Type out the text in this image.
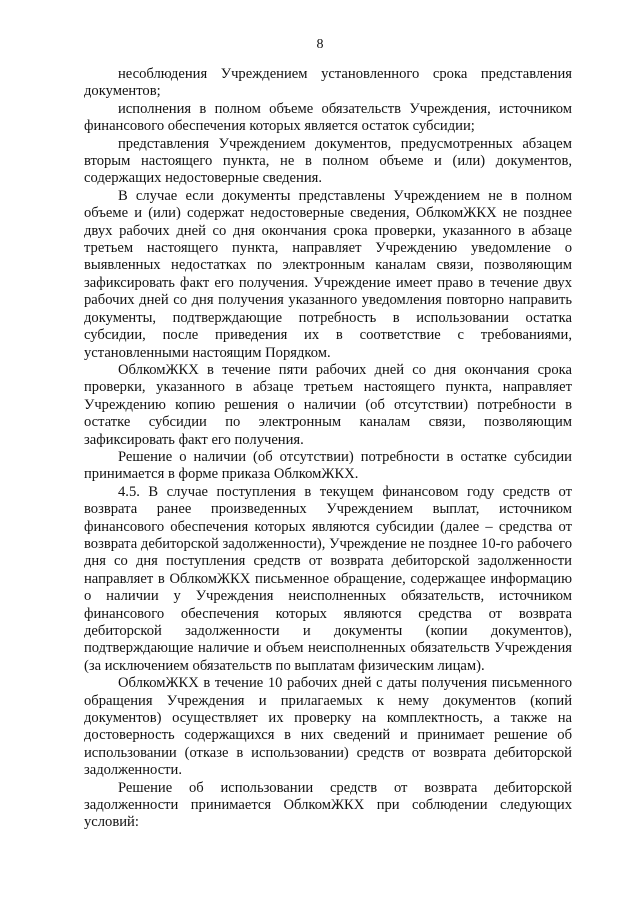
8

несоблюдения Учреждением установленного срока представления документов;

исполнения в полном объеме обязательств Учреждения, источником финансового обеспечения которых является остаток субсидии;

представления Учреждением документов, предусмотренных абзацем вторым настоящего пункта, не в полном объеме и (или) документов, содержащих недостоверные сведения.

В случае если документы представлены Учреждением не в полном объеме и (или) содержат недостоверные сведения, ОблкомЖКХ не позднее двух рабочих дней со дня окончания срока проверки, указанного в абзаце третьем настоящего пункта, направляет Учреждению уведомление о выявленных недостатках по электронным каналам связи, позволяющим зафиксировать факт его получения. Учреждение имеет право в течение двух рабочих дней со дня получения указанного уведомления повторно направить документы, подтверждающие потребность в использовании остатка субсидии, после приведения их в соответствие с требованиями, установленными настоящим Порядком.

ОблкомЖКХ в течение пяти рабочих дней со дня окончания срока проверки, указанного в абзаце третьем настоящего пункта, направляет Учреждению копию решения о наличии (об отсутствии) потребности в остатке субсидии по электронным каналам связи, позволяющим зафиксировать факт его получения.

Решение о наличии (об отсутствии) потребности в остатке субсидии принимается в форме приказа ОблкомЖКХ.

4.5. В случае поступления в текущем финансовом году средств от возврата ранее произведенных Учреждением выплат, источником финансового обеспечения которых являются субсидии (далее – средства от возврата дебиторской задолженности), Учреждение не позднее 10-го рабочего дня со дня поступления средств от возврата дебиторской задолженности направляет в ОблкомЖКХ письменное обращение, содержащее информацию о наличии у Учреждения неисполненных обязательств, источником финансового обеспечения которых являются средства от возврата дебиторской задолженности и документы (копии документов), подтверждающие наличие и объем неисполненных обязательств Учреждения (за исключением обязательств по выплатам физическим лицам).

ОблкомЖКХ в течение 10 рабочих дней с даты получения письменного обращения Учреждения и прилагаемых к нему документов (копий документов) осуществляет их проверку на комплектность, а также на достоверность содержащихся в них сведений и принимает решение об использовании (отказе в использовании) средств от возврата дебиторской задолженности.

Решение об использовании средств от возврата дебиторской задолженности принимается ОблкомЖКХ при соблюдении следующих условий:
